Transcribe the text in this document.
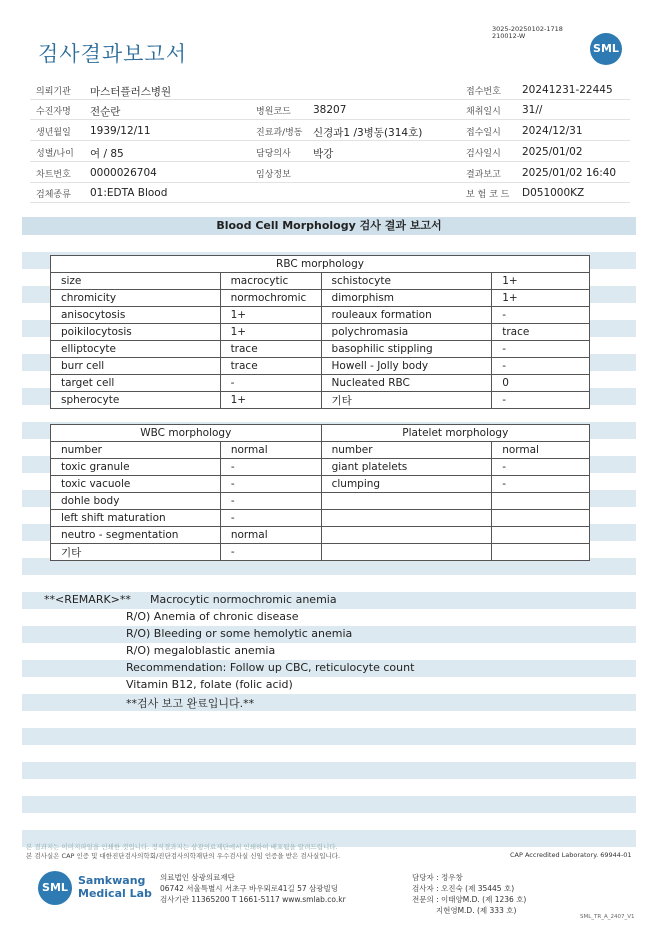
3025-20250102-1718
210012-W
검사결과보고서	SML
의뢰기관 마스터플러스병원	접수번호 20241231-22445
수진자명 전순란	병원코드 38207	채취일시 31//
생년월일 1939/12/11	진료과/병동 신경과1 /3병동(314호)	접수일시 2024/12/31
성별/나이 여 / 85	담당의사 박강	검사일시 2025/01/02
차트번호 0000026704	임상정보	결과보고 2025/01/02 16:40
검체종류 01:EDTA Blood	보 험 코 드 D051000KZ
Blood Cell Morphology 검사 결과 보고서
RBC morphology			
size	macrocytic	schistocyte	1+
chromicity	normochromic	dimorphism	1+
anisocytosis	1+	rouleaux formation	-
poikilocytosis	1+	polychromasia	trace
elliptocyte	trace	basophilic stippling	-
burr cell	trace	Howell - Jolly body	-
target cell	-	Nucleated RBC	0
spherocyte	1+	기타	-
WBC morphology		Platelet morphology	
number	normal	number	normal
toxic granule	-	giant platelets	-
toxic vacuole	-	clumping	-
dohle body	-		
left shift maturation	-		
neutro - segmentation	normal		
기타	-		
**<REMARK>** Macrocytic normochromic anemia
R/O) Anemia of chronic disease
R/O) Bleeding or some hemolytic anemia
R/O) megaloblastic anemia
Recommendation: Follow up CBC, reticulocyte count
Vitamin B12, folate (folic acid)
**검사 보고 완료입니다.**
본 결과지는 이미지파일을 인쇄한 것입니다. 정식결과지는 삼광의료재단에서 인쇄하여 배포됨을 알려드립니다.
본 검사실은 CAP 인증 및 대한진단검사의학회/진단검사의학재단의 우수검사실 신임 인증을 받은 검사실입니다.	CAP Accredited Laboratory. 69944-01
SML
Samkwang
Medical Lab
의료법인 삼광의료재단
06742 서울특별시 서초구 바우뫼로41길 57 삼광빌딩
검사기관 11365200 T 1661-5117 www.smlab.co.kr
담당자 : 정우창
검사자 : 오진숙 (제 35445 호)
전문의 : 이태양M.D. (제 1236 호)
지현영M.D. (제 333 호)
SML_TR_A_2407_V1
